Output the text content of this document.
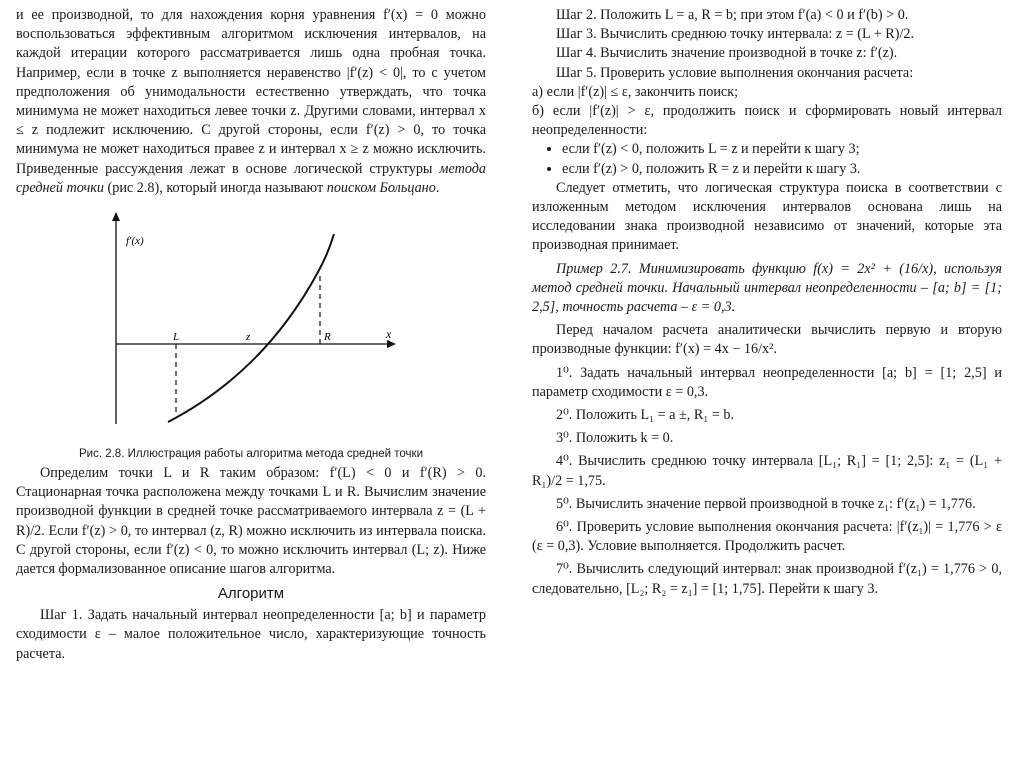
и ее производной, то для нахождения корня уравнения f′(x) = 0 можно воспользоваться эффективным алгоритмом исключения интервалов, на каждой итерации которого рассматривается лишь одна пробная точка. Например, если в точке z выполняется неравенство |f′(z) < 0|, то с учетом предположения об унимодальности естественно утверждать, что точка минимума не может находиться левее точки z. Другими словами, интервал x ≤ z подлежит исключению. С другой стороны, если f′(z) > 0, то точка минимума не может находиться правее z и интервал x ≥ z можно исключить. Приведенные рассуждения лежат в основе логической структуры метода средней точки (рис 2.8), который иногда называют поиском Больцано.

f′(x)
x
L	z	R

Рис. 2.8. Иллюстрация работы алгоритма метода средней точки

Определим точки L и R таким образом: f′(L) < 0 и f′(R) > 0. Стационарная точка расположена между точками L и R. Вычислим значение производной функции в средней точке рассматриваемого интервала z = (L + R)/2. Если f′(z) > 0, то интервал (z, R) можно исключить из интервала поиска. С другой стороны, если f′(z) < 0, то можно исключить интервал (L; z). Ниже дается формализованное описание шагов алгоритма.

Алгоритм

Шаг 1. Задать начальный интервал неопределенности [a; b] и параметр сходимости ε – малое положительное число, характеризующие точность расчета.

Шаг 2. Положить L = a, R = b; при этом f′(a) < 0 и f′(b) > 0.

Шаг 3. Вычислить среднюю точку интервала: z = (L + R)/2.

Шаг 4. Вычислить значение производной в точке z: f′(z).

Шаг 5. Проверить условие выполнения окончания расчета:

а) если |f′(z)| ≤ ε, закончить поиск;

б) если |f′(z)| > ε, продолжить поиск и сформировать новый интервал неопределенности:

• если f′(z) < 0, положить L = z и перейти к шагу 3;
• если f′(z) > 0, положить R = z и перейти к шагу 3.

Следует отметить, что логическая структура поиска в соответствии с изложенным методом исключения интервалов основана лишь на исследовании знака производной независимо от значений, которые эта производная принимает.

Пример 2.7. Минимизировать функцию f(x) = 2x² + (16/x), используя метод средней точки. Начальный интервал неопределенности – [a; b] = [1; 2,5], точность расчета – ε = 0,3.

Перед началом расчета аналитически вычислить первую и вторую производные функции: f′(x) = 4x − 16/x².

1⁰. Задать начальный интервал неопределенности [a; b] = [1; 2,5] и параметр сходимости ε = 0,3.

2⁰. Положить L₁ = a ±, R₁ = b.

3⁰. Положить k = 0.

4⁰. Вычислить среднюю точку интервала [L₁; R₁] = [1; 2,5]: z₁ = (L₁ + R₁)/2 = 1,75.

5⁰. Вычислить значение первой производной в точке z₁: f′(z₁) = 1,776.

6⁰. Проверить условие выполнения окончания расчета: |f′(z₁)| = 1,776 > ε (ε = 0,3). Условие выполняется. Продолжить расчет.

7⁰. Вычислить следующий интервал: знак производной f′(z₁) = 1,776 > 0, следовательно, [L₂; R₂ = z₁] = [1; 1,75]. Перейти к шагу 3.
